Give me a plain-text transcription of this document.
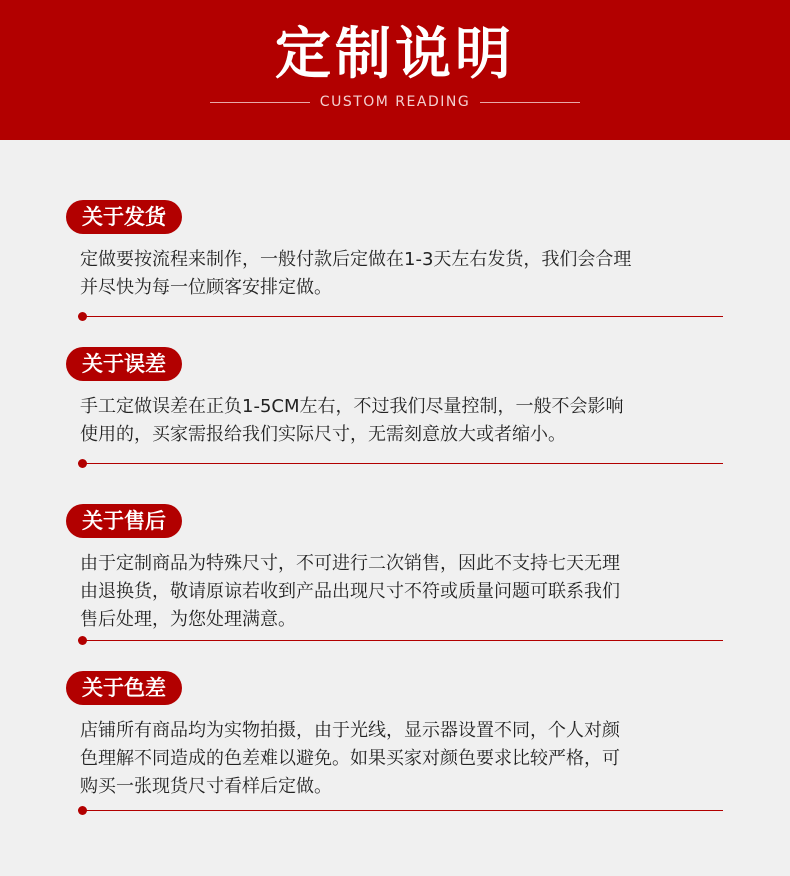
定制说明
CUSTOM READING
关于发货
定做要按流程来制作，一般付款后定做在1-3天左右发货，我们会合理
并尽快为每一位顾客安排定做。
关于误差
手工定做误差在正负1-5CM左右，不过我们尽量控制，一般不会影响
使用的，买家需报给我们实际尺寸，无需刻意放大或者缩小。
关于售后
由于定制商品为特殊尺寸，不可进行二次销售，因此不支持七天无理
由退换货，敬请原谅若收到产品出现尺寸不符或质量问题可联系我们
售后处理，为您处理满意。
关于色差
店铺所有商品均为实物拍摄，由于光线，显示器设置不同，个人对颜
色理解不同造成的色差难以避免。如果买家对颜色要求比较严格，可
购买一张现货尺寸看样后定做。
